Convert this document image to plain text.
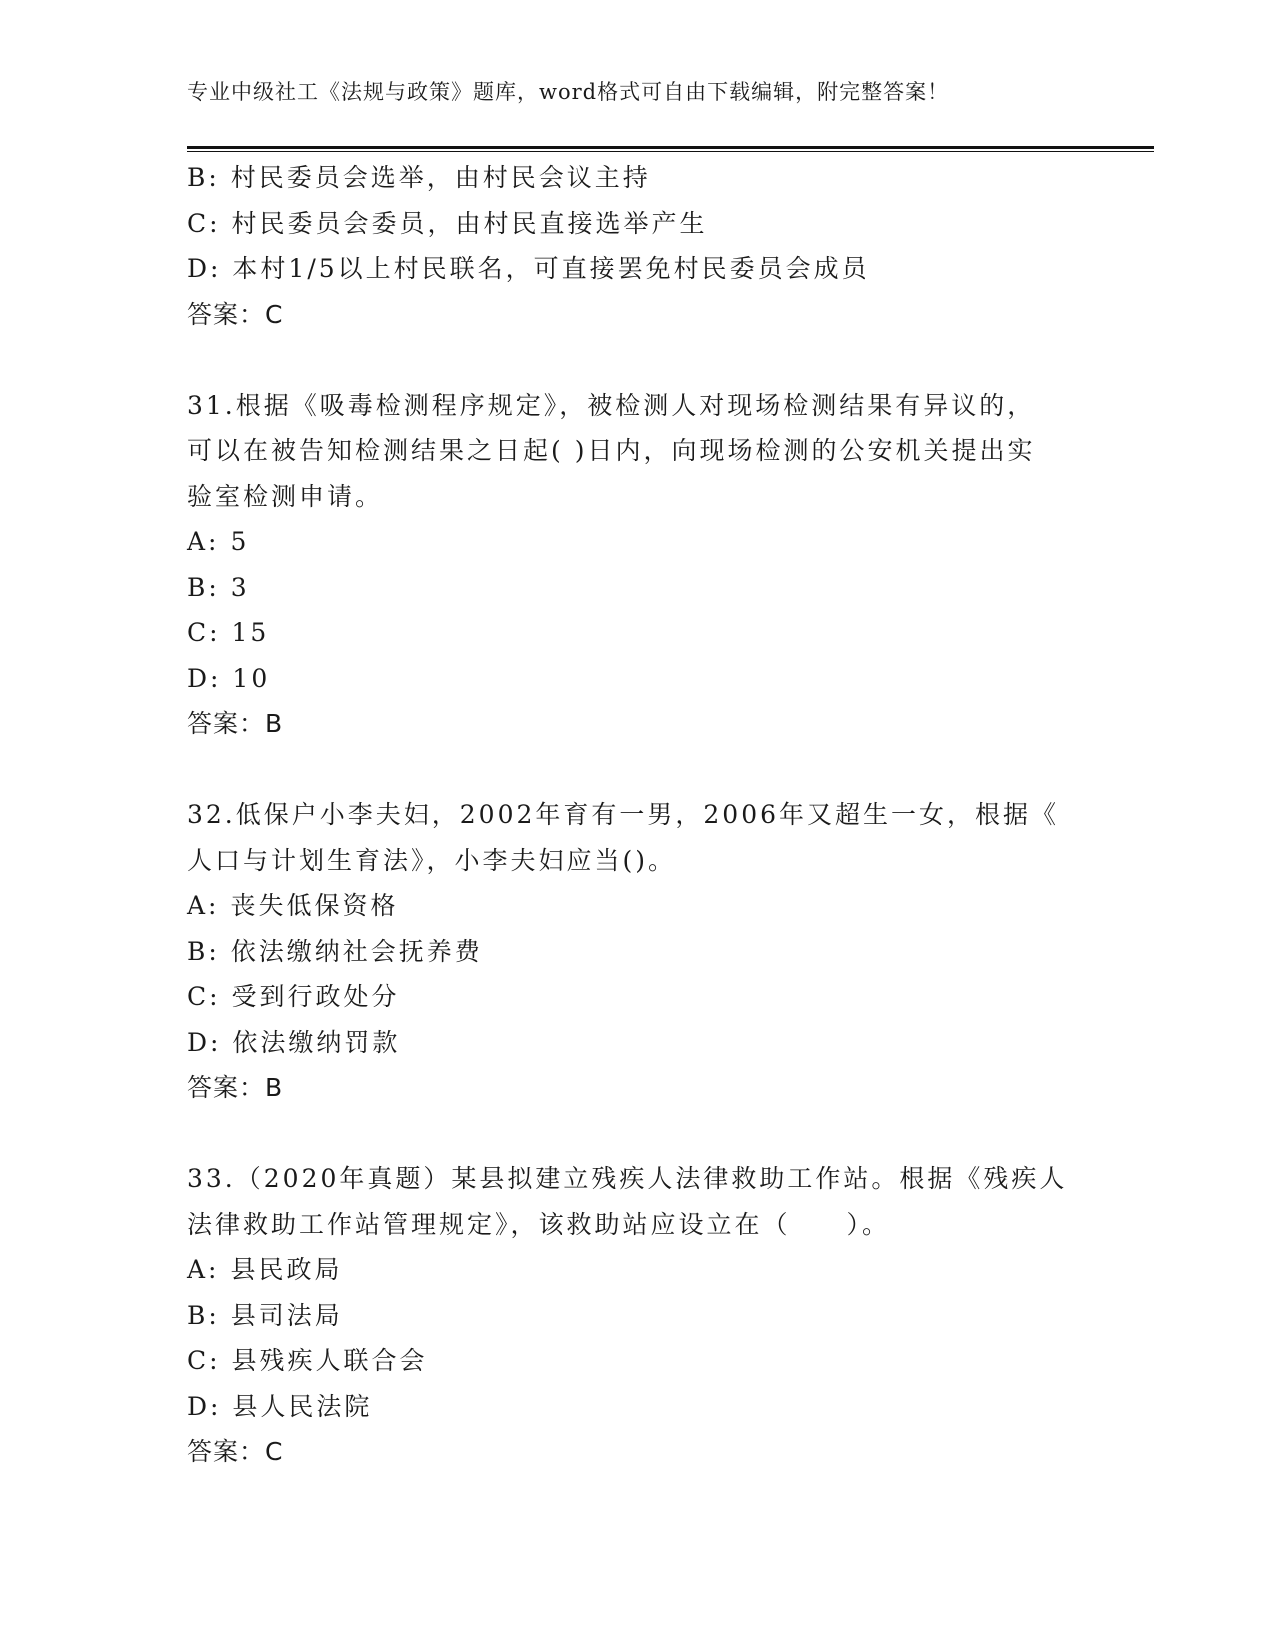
专业中级社工《法规与政策》题库，word格式可自由下载编辑，附完整答案！
B: 村民委员会选举，由村民会议主持
C: 村民委员会委员，由村民直接选举产生
D: 本村1/5以上村民联名，可直接罢免村民委员会成员
答案：C
31.根据《吸毒检测程序规定》，被检测人对现场检测结果有异议的，
可以在被告知检测结果之日起( )日内，向现场检测的公安机关提出实
验室检测申请。
A: 5
B: 3
C: 15
D: 10
答案：B
32.低保户小李夫妇，2002年育有一男，2006年又超生一女，根据《
人口与计划生育法》，小李夫妇应当()。
A: 丧失低保资格
B: 依法缴纳社会抚养费
C: 受到行政处分
D: 依法缴纳罚款
答案：B
33.（2020年真题）某县拟建立残疾人法律救助工作站。根据《残疾人
法律救助工作站管理规定》，该救助站应设立在（　　）。
A: 县民政局
B: 县司法局
C: 县残疾人联合会
D: 县人民法院
答案：C
